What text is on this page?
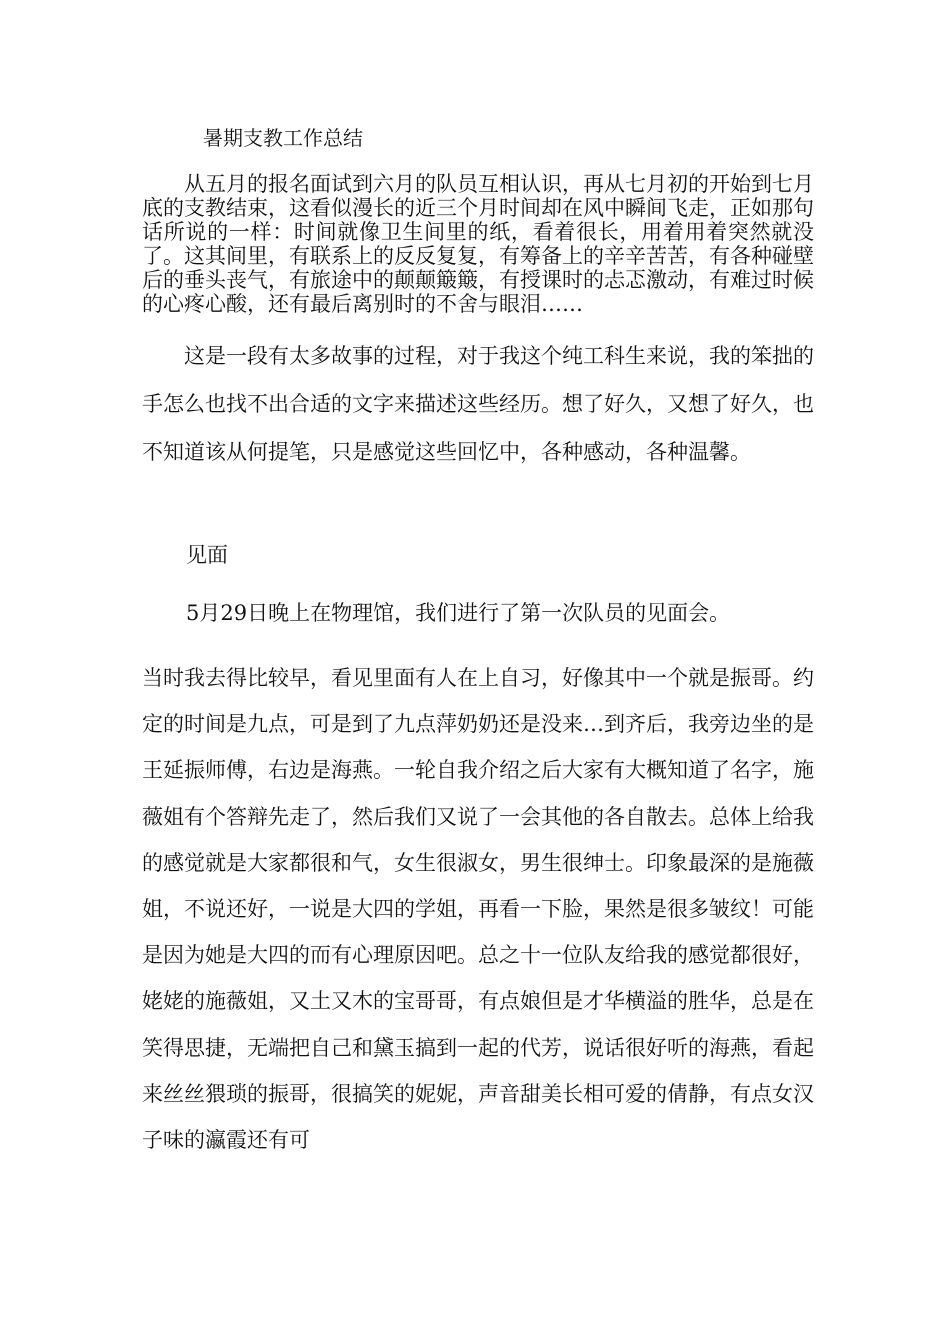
暑期支教工作总结

从五月的报名面试到六月的队员互相认识，再从七月初的开始到七月底的支教结束，这看似漫长的近三个月时间却在风中瞬间飞走，正如那句话所说的一样：时间就像卫生间里的纸，看着很长，用着用着突然就没了。这其间里，有联系上的反反复复，有筹备上的辛辛苦苦，有各种碰壁后的垂头丧气，有旅途中的颠颠簸簸，有授课时的忐忑激动，有难过时候的心疼心酸，还有最后离别时的不舍与眼泪……

这是一段有太多故事的过程，对于我这个纯工科生来说，我的笨拙的手怎么也找不出合适的文字来描述这些经历。想了好久，又想了好久，也不知道该从何提笔，只是感觉这些回忆中，各种感动，各种温馨。

见面

5月29日晚上在物理馆，我们进行了第一次队员的见面会。

当时我去得比较早，看见里面有人在上自习，好像其中一个就是振哥。约定的时间是九点，可是到了九点萍奶奶还是没来…到齐后，我旁边坐的是王延振师傅，右边是海燕。一轮自我介绍之后大家有大概知道了名字，施薇姐有个答辩先走了，然后我们又说了一会其他的各自散去。总体上给我的感觉就是大家都很和气，女生很淑女，男生很绅士。印象最深的是施薇姐，不说还好，一说是大四的学姐，再看一下脸，果然是很多皱纹！可能是因为她是大四的而有心理原因吧。总之十一位队友给我的感觉都很好，姥姥的施薇姐，又土又木的宝哥哥，有点娘但是才华横溢的胜华，总是在笑得思捷，无端把自己和黛玉搞到一起的代芳，说话很好听的海燕，看起来丝丝猥琐的振哥，很搞笑的妮妮，声音甜美长相可爱的倩静，有点女汉子味的瀛霞还有可
